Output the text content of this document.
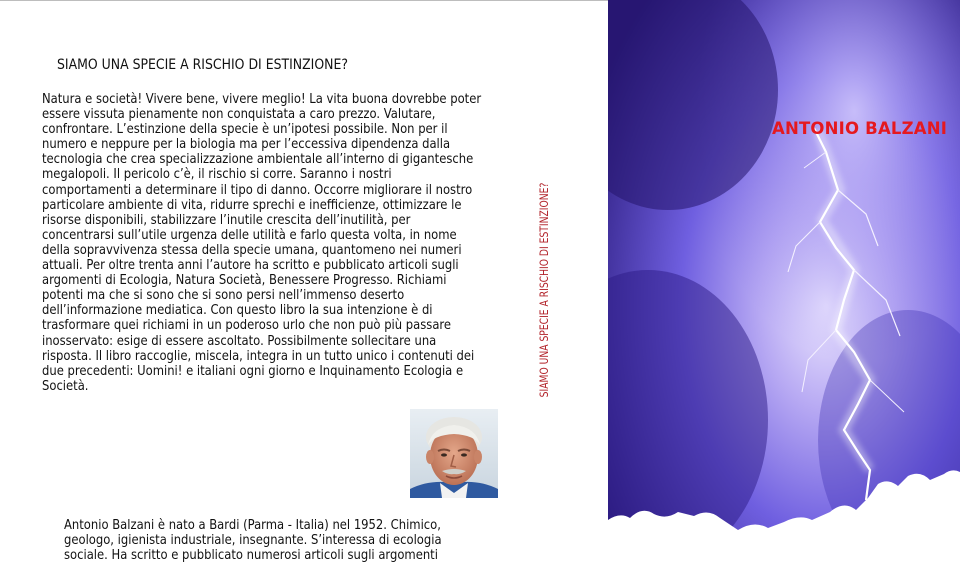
SIAMO UNA SPECIE A RISCHIO DI ESTINZIONE?

Natura e società! Vivere bene, vivere meglio! La vita buona dovrebbe poter
essere vissuta pienamente non conquistata a caro prezzo. Valutare,
confrontare. L’estinzione della specie è un’ipotesi possibile. Non per il
numero e neppure per la biologia ma per l’eccessiva dipendenza dalla
tecnologia che crea specializzazione ambientale all’interno di gigantesche
megalopoli. Il pericolo c’è, il rischio si corre. Saranno i nostri
comportamenti a determinare il tipo di danno. Occorre migliorare il nostro
particolare ambiente di vita, ridurre sprechi e inefficienze, ottimizzare le
risorse disponibili, stabilizzare l’inutile crescita dell’inutilità, per
concentrarsi sull’utile urgenza delle utilità e farlo questa volta, in nome
della sopravvivenza stessa della specie umana, quantomeno nei numeri
attuali. Per oltre trenta anni l’autore ha scritto e pubblicato articoli sugli
argomenti di Ecologia, Natura Società, Benessere Progresso. Richiami
potenti ma che si sono che si sono persi nell’immenso deserto
dell’informazione mediatica. Con questo libro la sua intenzione è di
trasformare quei richiami in un poderoso urlo che non può più passare
inosservato: esige di essere ascoltato. Possibilmente sollecitare una
risposta. Il libro raccoglie, miscela, integra in un tutto unico i contenuti dei
due precedenti: Uomini! e italiani ogni giorno e Inquinamento Ecologia e
Società.

Antonio Balzani è nato a Bardi (Parma - Italia) nel 1952. Chimico,
geologo, igienista industriale, insegnante. S’interessa di ecologia
sociale. Ha scritto e pubblicato numerosi articoli sugli argomenti

SIAMO UNA SPECIE A RISCHIO DI ESTINZIONE?
ANTONIO BALZANI
